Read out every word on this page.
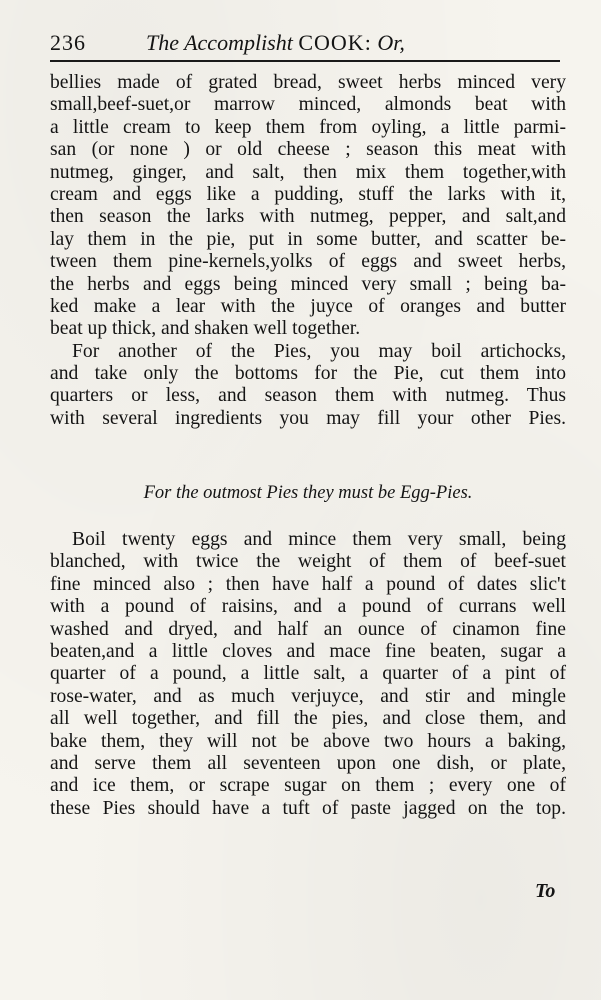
236	The Accomplisht COOK: Or,
bellies made of grated bread, sweet herbs minced very
small,beef-suet,or marrow minced, almonds beat with
a little cream to keep them from oyling, a little parmi-
san (or none ) or old cheese ; season this meat with
nutmeg, ginger, and salt, then mix them together,with
cream and eggs like a pudding, stuff the larks with it,
then season the larks with nutmeg, pepper, and salt,and
lay them in the pie, put in some butter, and scatter be-
tween them pine-kernels,yolks of eggs and sweet herbs,
the herbs and eggs being minced very small ; being ba-
ked make a lear with the juyce of oranges and butter
beat up thick, and shaken well together.
For another of the Pies, you may boil artichocks,
and take only the bottoms for the Pie, cut them into
quarters or less, and season them with nutmeg. Thus
with several ingredients you may fill your other Pies.
For the outmost Pies they must be Egg-Pies.
Boil twenty eggs and mince them very small, being
blanched, with twice the weight of them of beef-suet
fine minced also ; then have half a pound of dates slic't
with a pound of raisins, and a pound of currans well
washed and dryed, and half an ounce of cinamon fine
beaten,and a little cloves and mace fine beaten, sugar a
quarter of a pound, a little salt, a quarter of a pint of
rose-water, and as much verjuyce, and stir and mingle
all well together, and fill the pies, and close them, and
bake them, they will not be above two hours a baking,
and serve them all seventeen upon one dish, or plate,
and ice them, or scrape sugar on them ; every one of
these Pies should have a tuft of paste jagged on the top.
To
